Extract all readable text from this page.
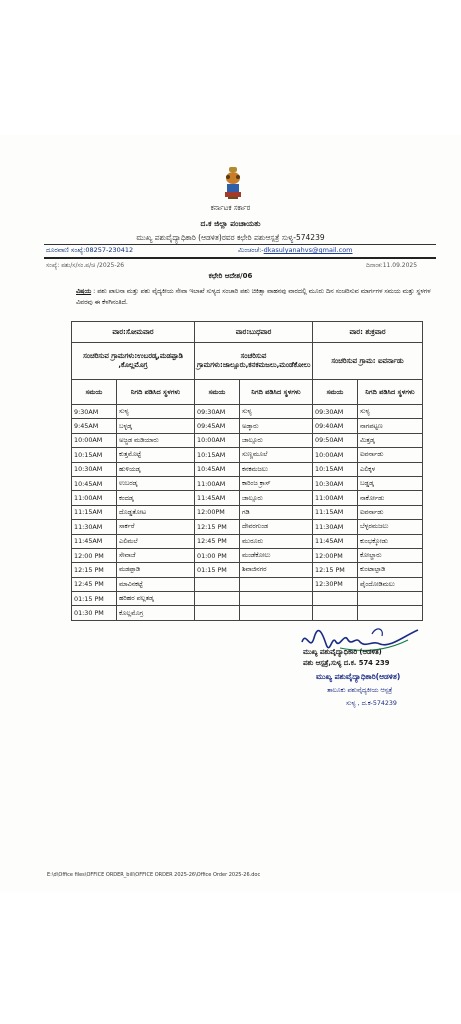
ಕರ್ನಾಟಕ ಸರ್ಕಾರ
ದ.ಕ ಜಿಲ್ಲಾ ಪಂಚಾಯತು
ಮುಖ್ಯ ಪಶುವೈದ್ಯಾಧಿಕಾರಿ (ಆಡಳಿತ)ರವರ ಕಛೇರಿ ಪಶುಆಸ್ಪತ್ರೆ ಸುಳ್ಯ-574239
ದೂರವಾಣಿ ಸಂಖ್ಯೆ:08257-230412	ಮಿಂಚಂಚೆ:-dkasulyanahvs@gmail.com
ಸಂಖ್ಯೆ: ಪಶು/ಸ/ಸಂ.ಪ/ಚಿ /2025-26	ದಿನಾಂಕ:11.09.2025
ಕಛೇರಿ ಆದೇಶ/06
ವಿಷಯ : ಪಶು ಪಾಲನಾ ಮತ್ತು ಪಶು ವೈದ್ಯಕೀಯ ಸೇವಾ ಇಲಾಖೆ ಸುಳ್ಯದ ಸಂಚಾರಿ ಪಶು ಚಿಕಿತ್ಸಾ ವಾಹನವು ವಾರದಲ್ಲಿ ಮೂರು ದಿನ ಸಂಚರಿಸುವ ಮಾರ್ಗಗಳ ಸಮಯ ಮತ್ತು ಸ್ಥಳಗಳ ವಿವರವು ಈ ಕೆಳಗಿನಂತಿದೆ.
ವಾರ:ಸೋಮವಾರ		ವಾರ:ಬುಧವಾರ		ವಾರ: ಶುಕ್ರವಾರ	
ಸಂಚರಿಸುವ ಗ್ರಾಮಗಳು:ಉಬರಡ್ಕ,ಮಡಪ್ಪಾಡಿ ,ಕೊಲ್ಲಮೊಗ್ರ		ಸಂಚರಿಸುವ ಗ್ರಾಮಗಳು:ಜಾಲ್ಸೂರು,ಕನಕಮಜಲು,ಮಂಡೆಕೋಲು		ಸಂಚರಿಸುವ ಗ್ರಾಮ: ಐವರ್ನಾಡು	
ಸಮಯ	ನಿಗದಿ ಪಡಿಸಿದ ಸ್ಥಳಗಳು	ಸಮಯ	ನಿಗದಿ ಪಡಿಸಿದ ಸ್ಥಳಗಳು	ಸಮಯ	ನಿಗದಿ ಪಡಿಸಿದ ಸ್ಥಳಗಳು
9:30AM	ಸುಳ್ಯ	09:30AM	ಸುಳ್ಯ	09:30AM	ಸುಳ್ಯ
9:45AM	ಬಳ್ಳಡ್ಕ	09:45AM	ಅಡ್ಕಾರು	09:40AM	ನಾಗಪಟ್ಟಣ
10:00AM	ಅಜ್ಜಡ ಮಡಿಯಾರು	10:00AM	ಜಾಲ್ಸೂರು	09:50AM	ಮಿತ್ತಡ್ಕ
10:15AM	ಕುತ್ತಮೊಟ್ಟೆ	10:15AM	ಸುಣ್ಣಮೂಲೆ	10:00AM	ಐವರ್ನಾಡು
10:30AM	ಹುಳಿಯಡ್ಕ	10:45AM	ಕನಕಮಜಲು	10:15AM	ಎಲಿಕ್ಕಳ
10:45AM	ಉಬರಡ್ಕ	11:00AM	ಕಾರಿಂಜ ಕ್ರಾಸ್	10:30AM	ಬಡ್ಡಡ್ಕ
11:00AM	ಕಂದಡ್ಕ	11:45AM	ಜಾಲ್ಸೂರು	11:00AM	ನಾರ್ಕೋಡು
11:15AM	ದೊಡ್ಡತೋಟ	12:00PM	ಗಡಿ	11:15AM	ಐವರ್ನಾಡು
11:30AM	ಸಾರ್ಕರೆ	12:15 PM	ದೇವರಗುಂಡ	11:30AM	ಬೆಳ್ಳರಮಜಲು
11:45AM	ಎಲಿಮಲೆ	12:45 PM	ಮುರೂರು	11:45AM	ಕುಂಭಕ್ಕೋಡು
12:00 PM	ಸೇವಾಜೆ	01:00 PM	ಮಂಡೆಕೋಲು	12:00PM	ಕೋಲ್ಚಾರು
12:15 PM	ಮಡಪ್ಪಾಡಿ	01:15 PM	ಶಿವಾಜಿನಗರ	12:15 PM	ಕುಂಟಾಲ್ಪಾಡಿ
12:45 PM	ಮಾವಿನಕಟ್ಟೆ			12:30PM	ಪೈಂದೋಡಿಮಲು
01:15 PM	ಹರಿಹರ ಪಲ್ಲತಡ್ಕ				
01:30 PM	ಕೊಲ್ಲಮೊಗ್ರ				
ಮುಖ್ಯ ಪಶುವೈದ್ಯಾಧಿಕಾರಿ (ಆಡಳಿತ)
ಪಶು ಆಸ್ಪತ್ರೆ,ಸುಳ್ಯ ದ.ಕ. 574 239
ಮುಖ್ಯ ಪಶುವೈದ್ಯಾಧಿಕಾರಿ(ಆಡಳಿತ)
ತಾಲೂಕು ಪಶುವೈದ್ಯಕೀಯ ಆಸ್ಪತ್ರೆ
ಸುಳ್ಯ , ದ.ಕ-574239
E:\d\Office files\OFFICE ORDER_bill\OFFICE ORDER 2025-26\Office Order 2025-26.doc
